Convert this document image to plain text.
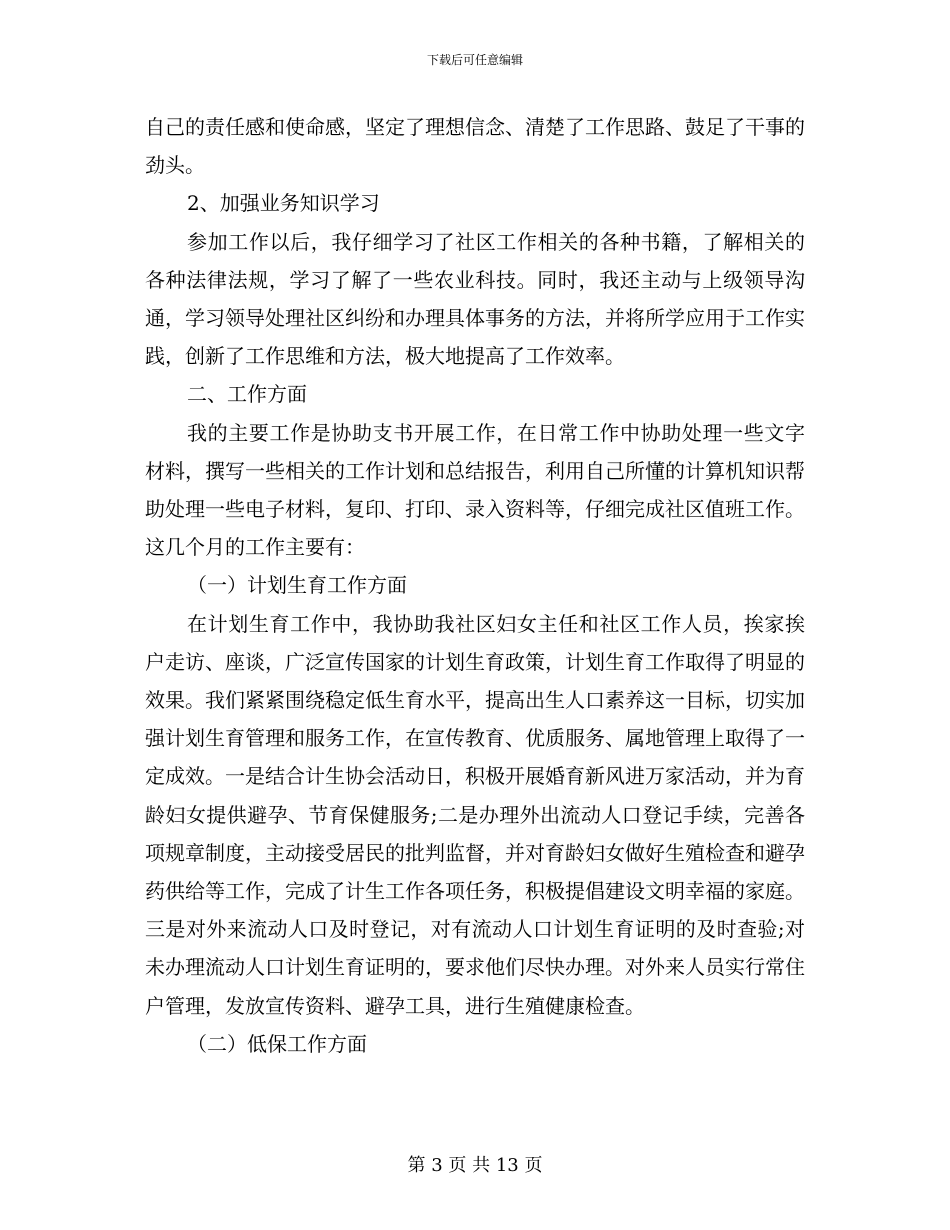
下载后可任意编辑

自己的责任感和使命感，坚定了理想信念、清楚了工作思路、鼓足了干事的劲头。

2、加强业务知识学习

参加工作以后，我仔细学习了社区工作相关的各种书籍，了解相关的各种法律法规，学习了解了一些农业科技。同时，我还主动与上级领导沟通，学习领导处理社区纠纷和办理具体事务的方法，并将所学应用于工作实践，创新了工作思维和方法，极大地提高了工作效率。

二、工作方面

我的主要工作是协助支书开展工作，在日常工作中协助处理一些文字材料，撰写一些相关的工作计划和总结报告，利用自己所懂的计算机知识帮助处理一些电子材料，复印、打印、录入资料等，仔细完成社区值班工作。这几个月的工作主要有：

（一）计划生育工作方面

在计划生育工作中，我协助我社区妇女主任和社区工作人员，挨家挨户走访、座谈，广泛宣传国家的计划生育政策，计划生育工作取得了明显的效果。我们紧紧围绕稳定低生育水平，提高出生人口素养这一目标，切实加强计划生育管理和服务工作，在宣传教育、优质服务、属地管理上取得了一定成效。一是结合计生协会活动日，积极开展婚育新风进万家活动，并为育龄妇女提供避孕、节育保健服务;二是办理外出流动人口登记手续，完善各项规章制度，主动接受居民的批判监督，并对育龄妇女做好生殖检查和避孕药供给等工作，完成了计生工作各项任务，积极提倡建设文明幸福的家庭。三是对外来流动人口及时登记，对有流动人口计划生育证明的及时查验;对未办理流动人口计划生育证明的，要求他们尽快办理。对外来人员实行常住户管理，发放宣传资料、避孕工具，进行生殖健康检查。

（二）低保工作方面

第 3 页 共 13 页
